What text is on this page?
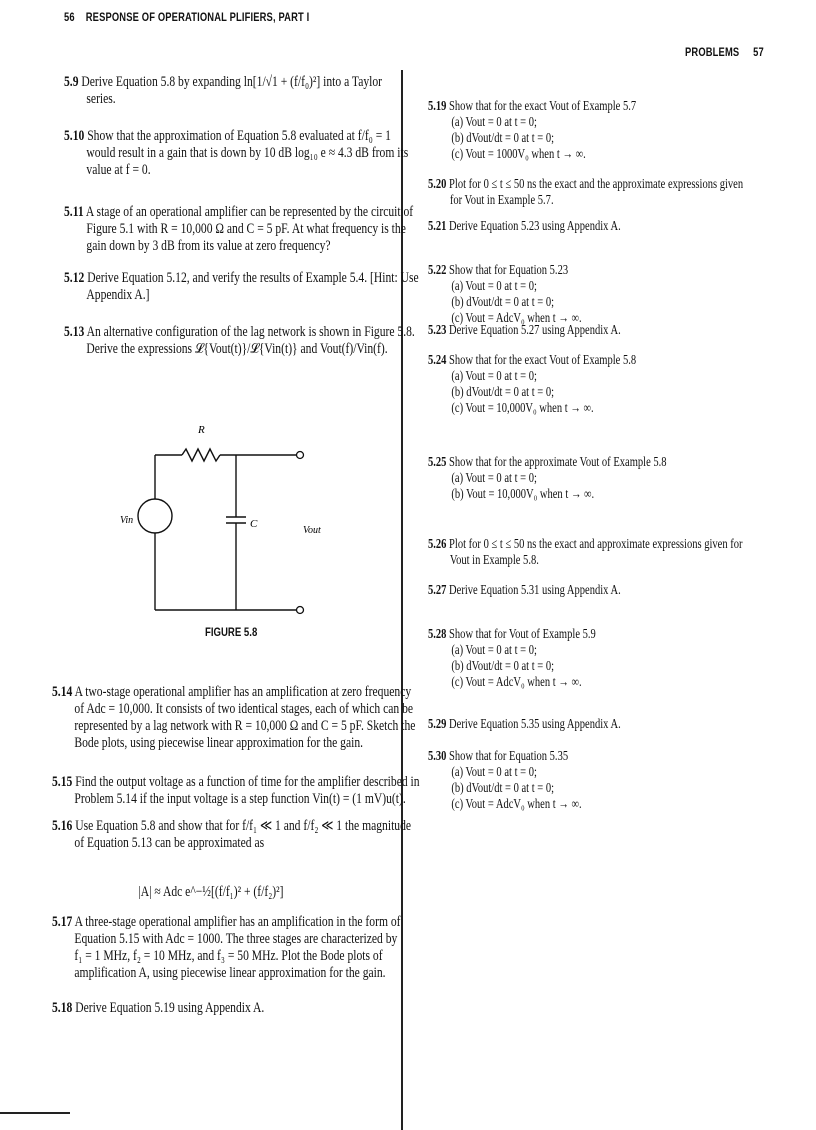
56 RESPONSE OF OPERATIONAL PLIFIERS, PART I
PROBLEMS 57
5.9 Derive Equation 5.8 by expanding ln[1/√1 + (f/f₀)²] into a Taylor
series.
5.10 Show that the approximation of Equation 5.8 evaluated at f/f₀ = 1
would result in a gain that is down by 10 dB log₁₀ e ≈ 4.3 dB from its
value at f = 0.
5.11 A stage of an operational amplifier can be represented by the circuit of
Figure 5.1 with R = 10,000 Ω and C = 5 pF. At what frequency is the
gain down by 3 dB from its value at zero frequency?
5.12 Derive Equation 5.12, and verify the results of Example 5.4. [Hint: Use
Appendix A.]
5.13 An alternative configuration of the lag network is shown in Figure 5.8.
Derive the expressions 𝓛{Vout(t)}/𝓛{Vin(t)} and Vout(f)/Vin(f).
R
C
Vin
Vout
FIGURE 5.8
5.14 A two-stage operational amplifier has an amplification at zero frequency
of Adc = 10,000. It consists of two identical stages, each of which can be
represented by a lag network with R = 10,000 Ω and C = 5 pF. Sketch the
Bode plots, using piecewise linear approximation for the gain.
5.15 Find the output voltage as a function of time for the amplifier described in
Problem 5.14 if the input voltage is a step function Vin(t) = (1 mV)u(t).
5.16 Use Equation 5.8 and show that for f/f₁ ≪ 1 and f/f₂ ≪ 1 the magnitude
of Equation 5.13 can be approximated as
|A| ≈ Adc e^−½[(f/f₁)² + (f/f₂)²]
5.17 A three-stage operational amplifier has an amplification in the form of
Equation 5.15 with Adc = 1000. The three stages are characterized by
f₁ = 1 MHz, f₂ = 10 MHz, and f₃ = 50 MHz. Plot the Bode plots of
amplification A, using piecewise linear approximation for the gain.
5.18 Derive Equation 5.19 using Appendix A.
5.19 Show that for the exact Vout of Example 5.7
(a) Vout = 0 at t = 0;
(b) dVout/dt = 0 at t = 0;
(c) Vout = 1000V₀ when t → ∞.
5.20 Plot for 0 ≤ t ≤ 50 ns the exact and the approximate expressions given
for Vout in Example 5.7.
5.21 Derive Equation 5.23 using Appendix A.
5.22 Show that for Equation 5.23
(a) Vout = 0 at t = 0;
(b) dVout/dt = 0 at t = 0;
(c) Vout = AdcV₀ when t → ∞.
5.23 Derive Equation 5.27 using Appendix A.
5.24 Show that for the exact Vout of Example 5.8
(a) Vout = 0 at t = 0;
(b) dVout/dt = 0 at t = 0;
(c) Vout = 10,000V₀ when t → ∞.
5.25 Show that for the approximate Vout of Example 5.8
(a) Vout = 0 at t = 0;
(b) Vout = 10,000V₀ when t → ∞.
5.26 Plot for 0 ≤ t ≤ 50 ns the exact and approximate expressions given for
Vout in Example 5.8.
5.27 Derive Equation 5.31 using Appendix A.
5.28 Show that for Vout of Example 5.9
(a) Vout = 0 at t = 0;
(b) dVout/dt = 0 at t = 0;
(c) Vout = AdcV₀ when t → ∞.
5.29 Derive Equation 5.35 using Appendix A.
5.30 Show that for Equation 5.35
(a) Vout = 0 at t = 0;
(b) dVout/dt = 0 at t = 0;
(c) Vout = AdcV₀ when t → ∞.
